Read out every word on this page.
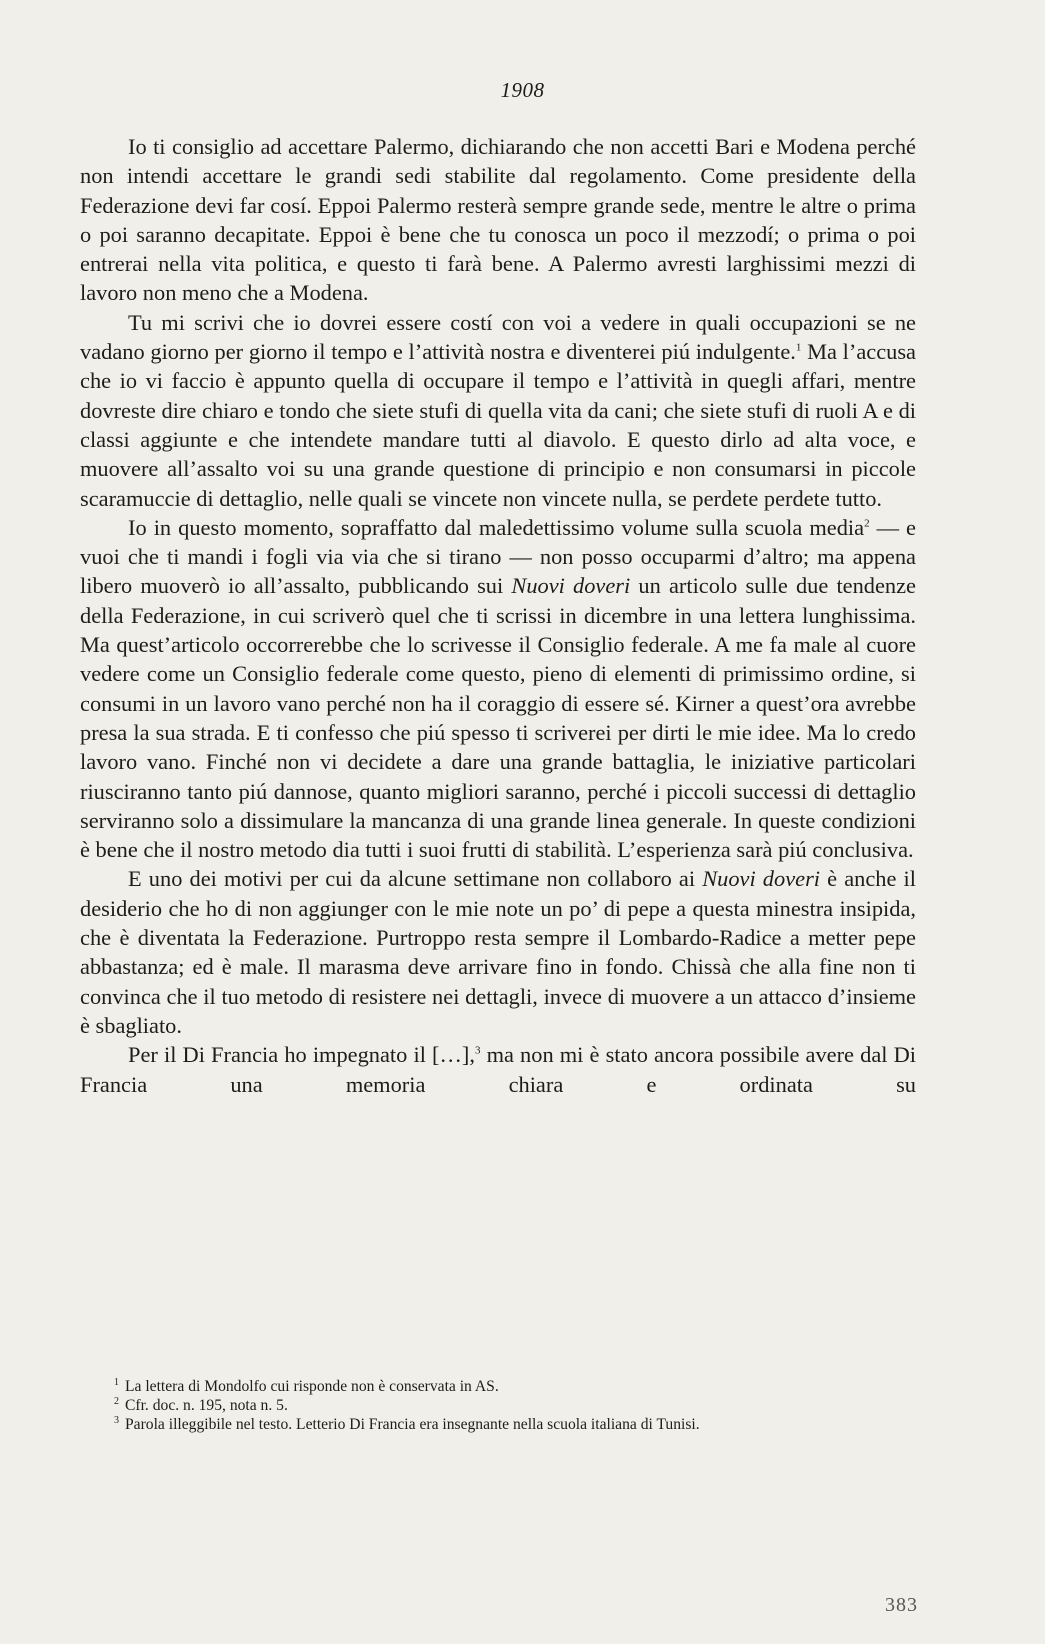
1908

Io ti consiglio ad accettare Palermo, dichiarando che non accetti Bari e Modena perché non intendi accettare le grandi sedi stabilite dal regolamento. Come presidente della Federazione devi far cosí. Eppoi Palermo resterà sempre grande sede, mentre le altre o prima o poi saranno decapitate. Eppoi è bene che tu conosca un poco il mezzodí; o prima o poi entrerai nella vita politica, e questo ti farà bene. A Palermo avresti larghissimi mezzi di lavoro non meno che a Modena.

Tu mi scrivi che io dovrei essere costí con voi a vedere in quali occupazioni se ne vadano giorno per giorno il tempo e l’attività nostra e diventerei piú indulgente.$^1$ Ma l’accusa che io vi faccio è appunto quella di occupare il tempo e l’attività in quegli affari, mentre dovreste dire chiaro e tondo che siete stufi di quella vita da cani; che siete stufi di ruoli A e di classi aggiunte e che intendete mandare tutti al diavolo. E questo dirlo ad alta voce, e muovere all’assalto voi su una grande questione di principio e non consumarsi in piccole scaramuccie di dettaglio, nelle quali se vincete non vincete nulla, se perdete perdete tutto.

Io in questo momento, sopraffatto dal maledettissimo volume sulla scuola media$^2$ — e vuoi che ti mandi i fogli via via che si tirano — non posso occuparmi d’altro; ma appena libero muoverò io all’assalto, pubblicando sui Nuovi doveri un articolo sulle due tendenze della Federazione, in cui scriverò quel che ti scrissi in dicembre in una lettera lunghissima. Ma quest’articolo occorrerebbe che lo scrivesse il Consiglio federale. A me fa male al cuore vedere come un Consiglio federale come questo, pieno di elementi di primissimo ordine, si consumi in un lavoro vano perché non ha il coraggio di essere sé. Kirner a quest’ora avrebbe presa la sua strada. E ti confesso che piú spesso ti scriverei per dirti le mie idee. Ma lo credo lavoro vano. Finché non vi decidete a dare una grande battaglia, le iniziative particolari riusciranno tanto piú dannose, quanto migliori saranno, perché i piccoli successi di dettaglio serviranno solo a dissimulare la mancanza di una grande linea generale. In queste condizioni è bene che il nostro metodo dia tutti i suoi frutti di stabilità. L’esperienza sarà piú conclusiva.

E uno dei motivi per cui da alcune settimane non collaboro ai Nuovi doveri è anche il desiderio che ho di non aggiunger con le mie note un po’ di pepe a questa minestra insipida, che è diventata la Federazione. Purtroppo resta sempre il Lombardo-Radice a metter pepe abbastanza; ed è male. Il marasma deve arrivare fino in fondo. Chissà che alla fine non ti convinca che il tuo metodo di resistere nei dettagli, invece di muovere a un attacco d’insieme è sbagliato.

Per il Di Francia ho impegnato il […],$^3$ ma non mi è stato ancora possibile avere dal Di Francia una memoria chiara e ordinata su

$^1$ La lettera di Mondolfo cui risponde non è conservata in AS.

$^2$ Cfr. doc. n. 195, nota n. 5.

$^3$ Parola illeggibile nel testo. Letterio Di Francia era insegnante nella scuola italiana di Tunisi.

383
